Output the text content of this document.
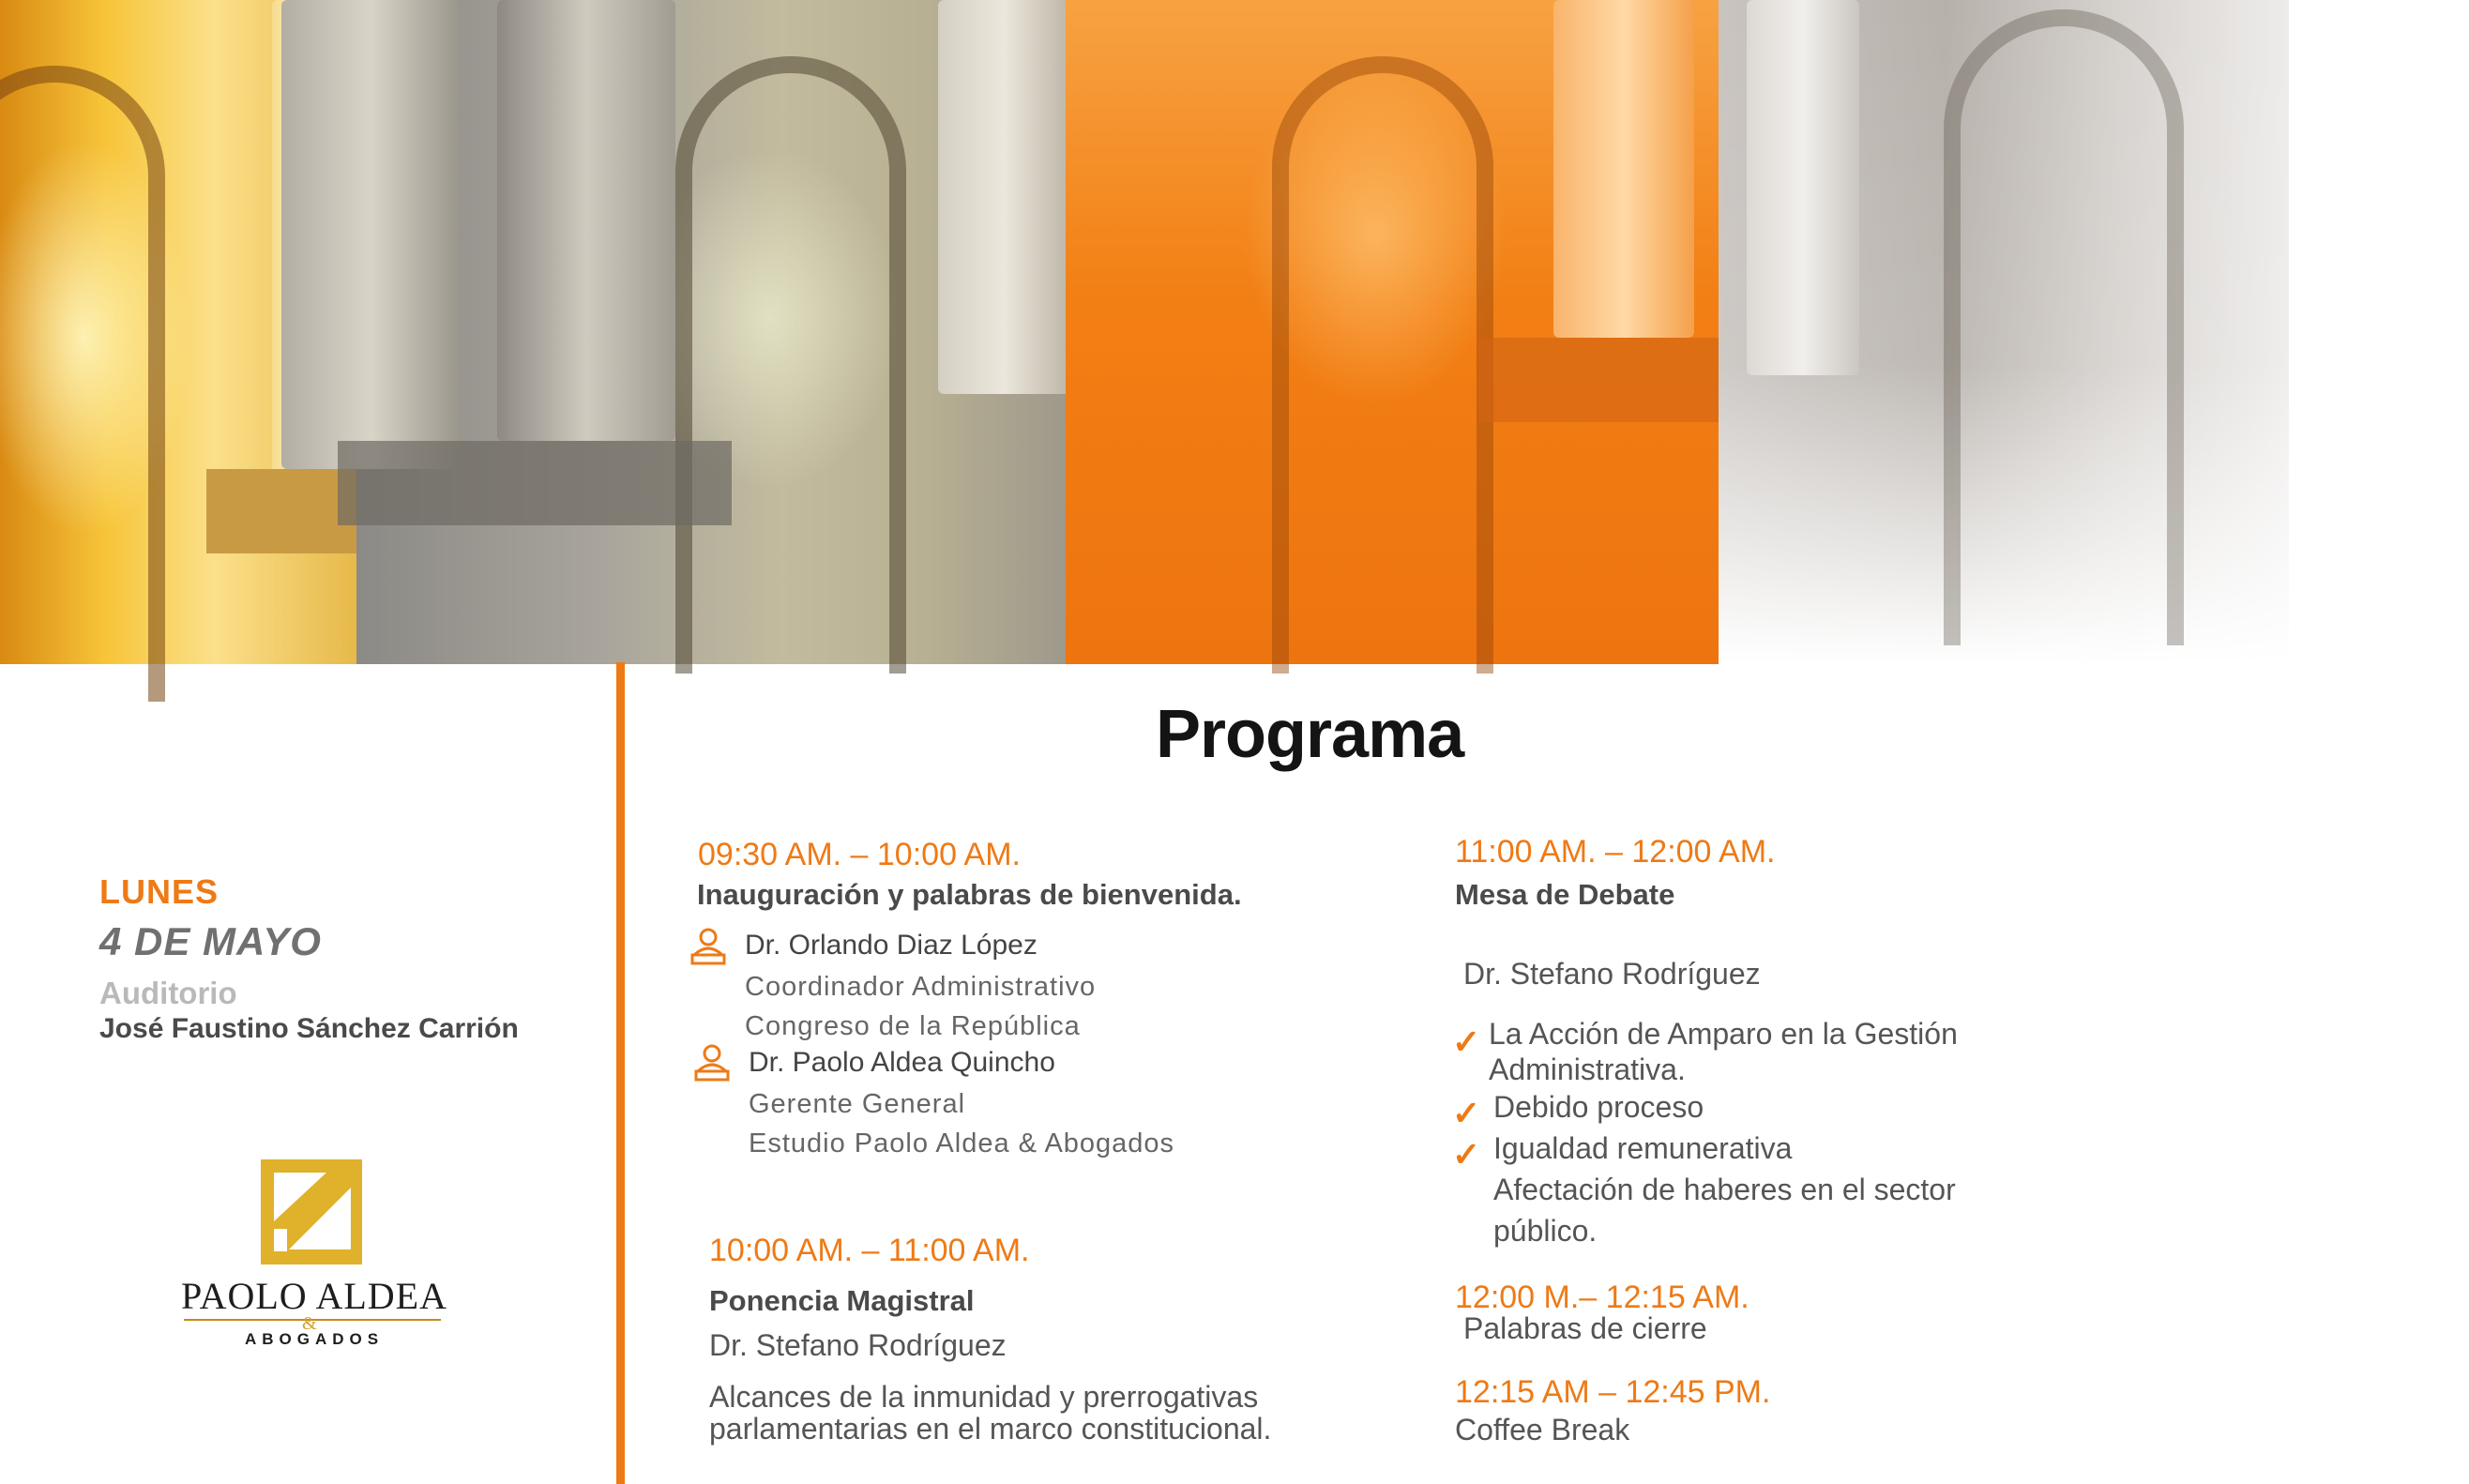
Congreso
LUNES
4 DE MAYO
Auditorio
José Faustino Sánchez Carrión
PAOLO ALDEA
&
ABOGADOS
Programa
09:30 AM. – 10:00 AM.
Inauguración y palabras de bienvenida.
Dr. Orlando Diaz López
Coordinador Administrativo
Congreso de la República
Dr. Paolo Aldea Quincho
Gerente General
Estudio Paolo Aldea & Abogados
10:00 AM. – 11:00 AM.
Ponencia Magistral
Dr. Stefano Rodríguez
Alcances de la inmunidad y prerrogativas
parlamentarias en el marco constitucional.
11:00 AM. – 12:00 AM.
Mesa de Debate
Dr. Stefano Rodríguez
✓ La Acción de Amparo en la Gestión
Administrativa.
✓ Debido proceso
✓ Igualdad remunerativa
Afectación de haberes en el sector
público.
12:00 M.– 12:15 AM.
Palabras de cierre
12:15 AM – 12:45 PM.
Coffee Break
